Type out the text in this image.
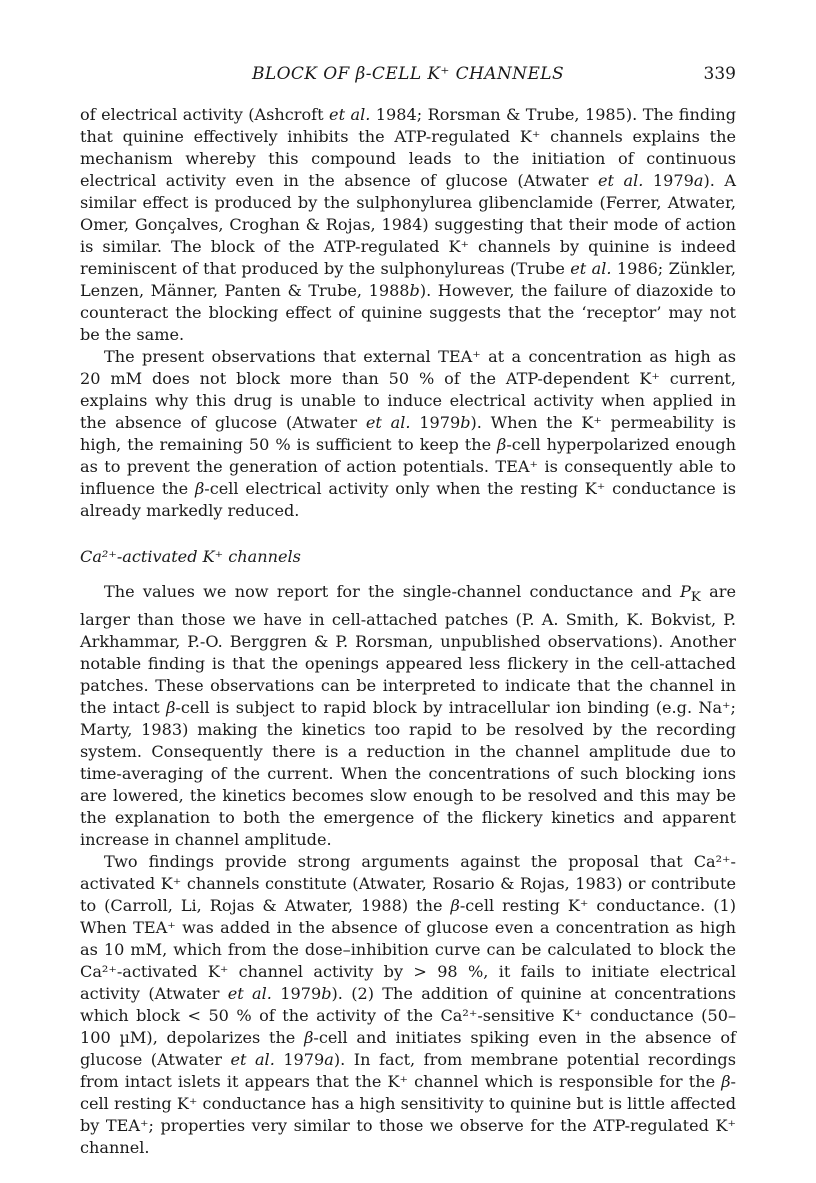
BLOCK OF β-CELL K⁺ CHANNELS	339

of electrical activity (Ashcroft et al. 1984; Rorsman & Trube, 1985). The finding that quinine effectively inhibits the ATP-regulated K⁺ channels explains the mechanism whereby this compound leads to the initiation of continuous electrical activity even in the absence of glucose (Atwater et al. 1979a). A similar effect is produced by the sulphonylurea glibenclamide (Ferrer, Atwater, Omer, Gonçalves, Croghan & Rojas, 1984) suggesting that their mode of action is similar. The block of the ATP-regulated K⁺ channels by quinine is indeed reminiscent of that produced by the sulphonylureas (Trube et al. 1986; Zünkler, Lenzen, Männer, Panten & Trube, 1988b). However, the failure of diazoxide to counteract the blocking effect of quinine suggests that the ‘receptor’ may not be the same.

The present observations that external TEA⁺ at a concentration as high as 20 mM does not block more than 50 % of the ATP-dependent K⁺ current, explains why this drug is unable to induce electrical activity when applied in the absence of glucose (Atwater et al. 1979b). When the K⁺ permeability is high, the remaining 50 % is sufficient to keep the β-cell hyperpolarized enough as to prevent the generation of action potentials. TEA⁺ is consequently able to influence the β-cell electrical activity only when the resting K⁺ conductance is already markedly reduced.

Ca²⁺-activated K⁺ channels

The values we now report for the single-channel conductance and $P_K$ are larger than those we have in cell-attached patches (P. A. Smith, K. Bokvist, P. Arkhammar, P.-O. Berggren & P. Rorsman, unpublished observations). Another notable finding is that the openings appeared less flickery in the cell-attached patches. These observations can be interpreted to indicate that the channel in the intact β-cell is subject to rapid block by intracellular ion binding (e.g. Na⁺; Marty, 1983) making the kinetics too rapid to be resolved by the recording system. Consequently there is a reduction in the channel amplitude due to time-averaging of the current. When the concentrations of such blocking ions are lowered, the kinetics becomes slow enough to be resolved and this may be the explanation to both the emergence of the flickery kinetics and apparent increase in channel amplitude.

Two findings provide strong arguments against the proposal that Ca²⁺-activated K⁺ channels constitute (Atwater, Rosario & Rojas, 1983) or contribute to (Carroll, Li, Rojas & Atwater, 1988) the β-cell resting K⁺ conductance. (1) When TEA⁺ was added in the absence of glucose even a concentration as high as 10 mM, which from the dose–inhibition curve can be calculated to block the Ca²⁺-activated K⁺ channel activity by > 98 %, it fails to initiate electrical activity (Atwater et al. 1979b). (2) The addition of quinine at concentrations which block < 50 % of the activity of the Ca²⁺-sensitive K⁺ conductance (50–100 µM), depolarizes the β-cell and initiates spiking even in the absence of glucose (Atwater et al. 1979a). In fact, from membrane potential recordings from intact islets it appears that the K⁺ channel which is responsible for the β-cell resting K⁺ conductance has a high sensitivity to quinine but is little affected by TEA⁺; properties very similar to those we observe for the ATP-regulated K⁺ channel.
